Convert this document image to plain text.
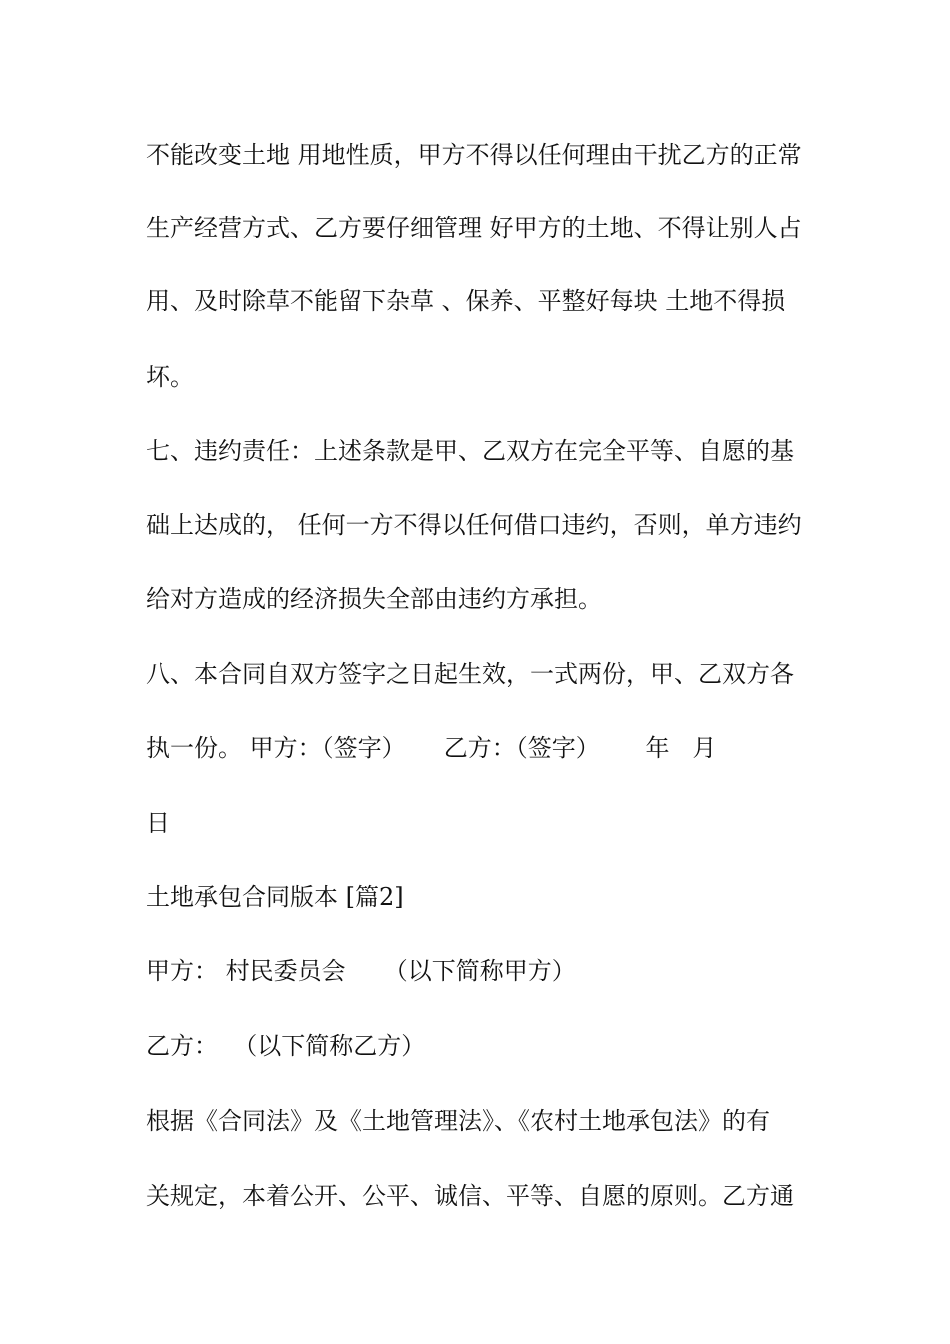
不能改变土地 用地性质，甲方不得以任何理由干扰乙方的正常
生产经营方式、乙方要仔细管理 好甲方的土地、不得让别人占
用、及时除草不能留下杂草 、保养、平整好每块 土地不得损
坏。
七、违约责任：上述条款是甲、乙双方在完全平等、自愿的基
础上达成的， 任何一方不得以任何借口违约，否则，单方违约
给对方造成的经济损失全部由违约方承担。
八、本合同自双方签字之日起生效，一式两份，甲、乙双方各
执一份。 甲方：（签字）     乙方：（签字）      年   月
日
土地承包合同版本 [篇2]
甲方： 村民委员会     （以下简称甲方）
乙方：  （以下简称乙方）
根据《合同法》及《土地管理法》、《农村土地承包法》的有
关规定，本着公开、公平、诚信、平等、自愿的原则。乙方通
